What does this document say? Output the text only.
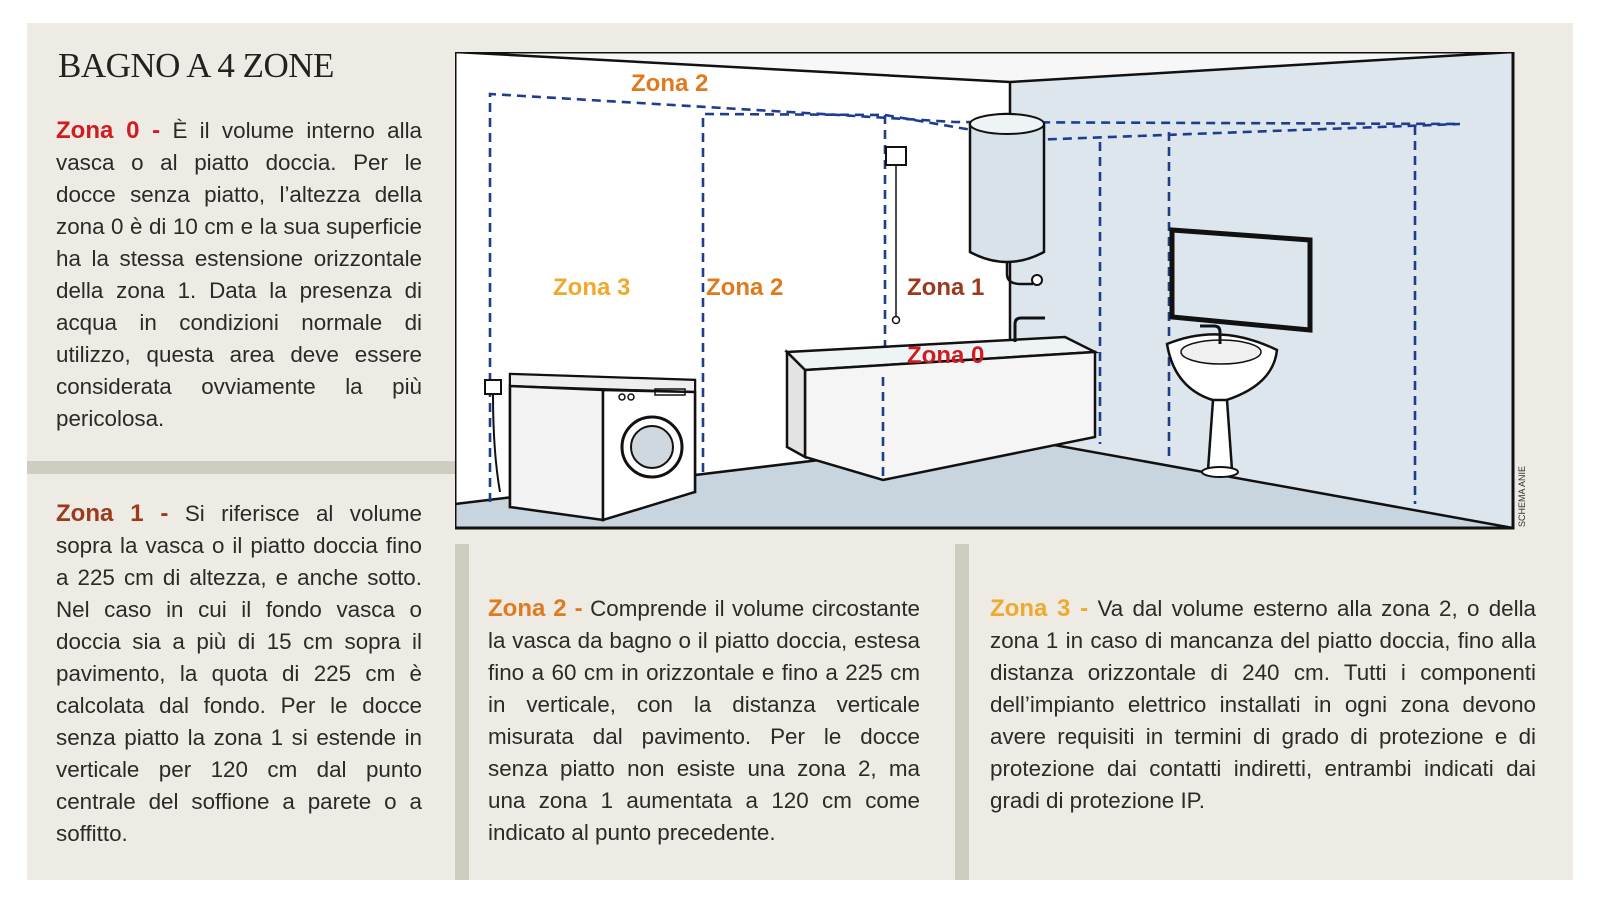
BAGNO A 4 ZONE

Zona 0 - È il volume interno alla vasca o al piatto doccia. Per le docce senza piatto, l’altezza della zona 0 è di 10 cm e la sua superficie ha la stessa estensione orizzontale della zona 1. Data la presenza di acqua in condizioni normale di utilizzo, questa area deve essere considerata ovviamente la più pericolosa.

Zona 1 - Si riferisce al volume sopra la vasca o il piatto doccia fino a 225 cm di altezza, e anche sotto. Nel caso in cui il fondo vasca o doccia sia a più di 15 cm sopra il pavimento, la quota di 225 cm è calcolata dal fondo. Per le docce senza piatto la zona 1 si estende in verticale per 120 cm dal punto centrale del soffione a parete o a soffitto.

Zona 2 - Comprende il volume circostante la vasca da bagno o il piatto doccia, estesa fino a 60 cm in orizzontale e fino a 225 cm in verticale, con la distanza verticale misurata dal pavimento. Per le docce senza piatto non esiste una zona 2, ma una zona 1 aumentata a 120 cm come indicato al punto precedente.

Zona 3 - Va dal volume esterno alla zona 2, o della zona 1 in caso di mancanza del piatto doccia, fino alla distanza orizzontale di 240 cm. Tutti i componenti dell’impianto elettrico installati in ogni zona devono avere requisiti in termini di grado di protezione e di protezione dai contatti indiretti, entrambi indicati dai gradi di protezione IP.

Zona 2
Zona 3	Zona 2	Zona 1
Zona 0
SCHEMA ANIE
